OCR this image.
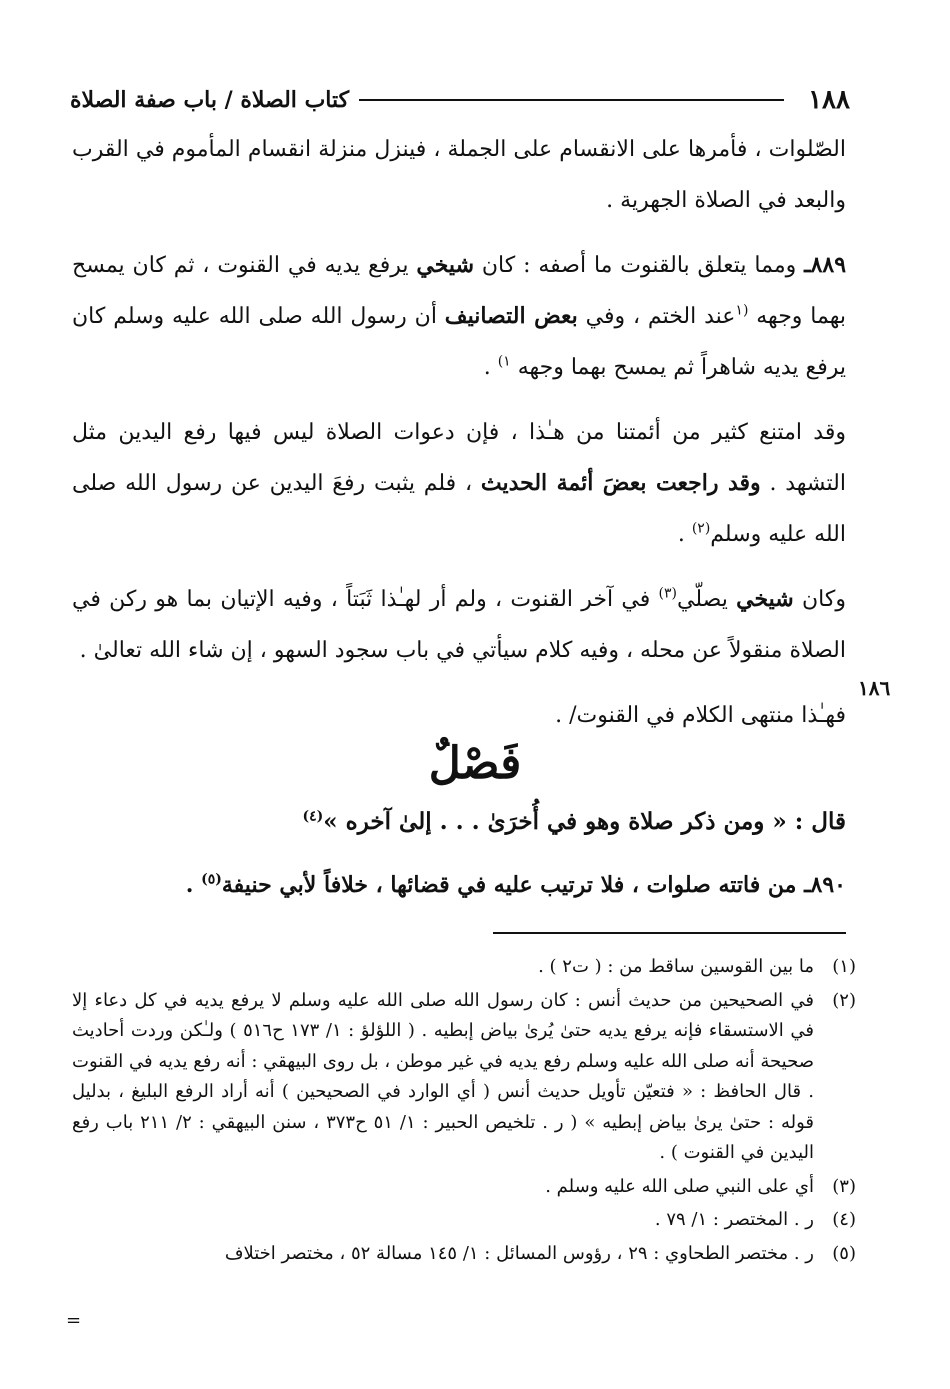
١٨٨
كتاب الصلاة / باب صفة الصلاة

الصّلوات ، فأمرها على الانقسام على الجملة ، فينزل منزلة انقسام المأموم في القرب والبعد في الصلاة الجهرية .

٨٨٩ـ ومما يتعلق بالقنوت ما أصفه : كان شيخي يرفع يديه في القنوت ، ثم كان يمسح بهما وجهه $^{(١}$عند الختم ، وفي بعض التصانيف أن رسول الله صلى الله عليه وسلم كان يرفع يديه شاهراً ثم يمسح بهما وجهه $^{١)}$ .

وقد امتنع كثير من أئمتنا من هـٰذا ، فإن دعوات الصلاة ليس فيها رفع اليدين مثل التشهد . وقد راجعت بعضَ أئمة الحديث ، فلم يثبت رفعَ اليدين عن رسول الله صلى الله عليه وسلم$^{(٢)}$ .

وكان شيخي يصلّي$^{(٣)}$ في آخر القنوت ، ولم أر لهـٰذا ثَبَتاً ، وفيه الإتيان بما هو ركن في الصلاة منقولاً عن محله ، وفيه كلام سيأتي في باب سجود السهو ، إن شاء الله تعالىٰ .

فهـٰذا منتهى الكلام في القنوت/ .

١٨٦
فَصْلٌ
قال : « ومن ذكر صلاة وهو في أُخرَىٰ . . . إلىٰ آخره »$^{(٤)}$
٨٩٠ـ من فاتته صلوات ، فلا ترتيب عليه في قضائها ، خلافاً لأبي حنيفة$^{(٥)}$ .
(١)
ما بين القوسين ساقط من : ( ت٢ ) .
(٢)
في الصحيحين من حديث أنس : كان رسول الله صلى الله عليه وسلم لا يرفع يديه في كل دعاء إلا في الاستسقاء فإنه يرفع يديه حتىٰ يُرىٰ بياض إبطيه . ( اللؤلؤ : ١/ ١٧٣ ح٥١٦ ) ولـٰكن وردت أحاديث صحيحة أنه صلى الله عليه وسلم رفع يديه في غير موطن ، بل روى البيهقي : أنه رفع يديه في القنوت . قال الحافظ : « فتعيّن تأويل حديث أنس ( أي الوارد في الصحيحين ) أنه أراد الرفع البليغ ، بدليل قوله : حتىٰ يرىٰ بياض إبطيه » ( ر . تلخيص الحبير : ١/ ٥١ ح٣٧٣ ، سنن البيهقي : ٢/ ٢١١ باب رفع اليدين في القنوت ) .
(٣)
أي على النبي صلى الله عليه وسلم .
(٤)
ر . المختصر : ١/ ٧٩ .
(٥)
ر . مختصر الطحاوي : ٢٩ ، رؤوس المسائل : ١/ ١٤٥ مسالة ٥٢ ، مختصر اختلاف
=
